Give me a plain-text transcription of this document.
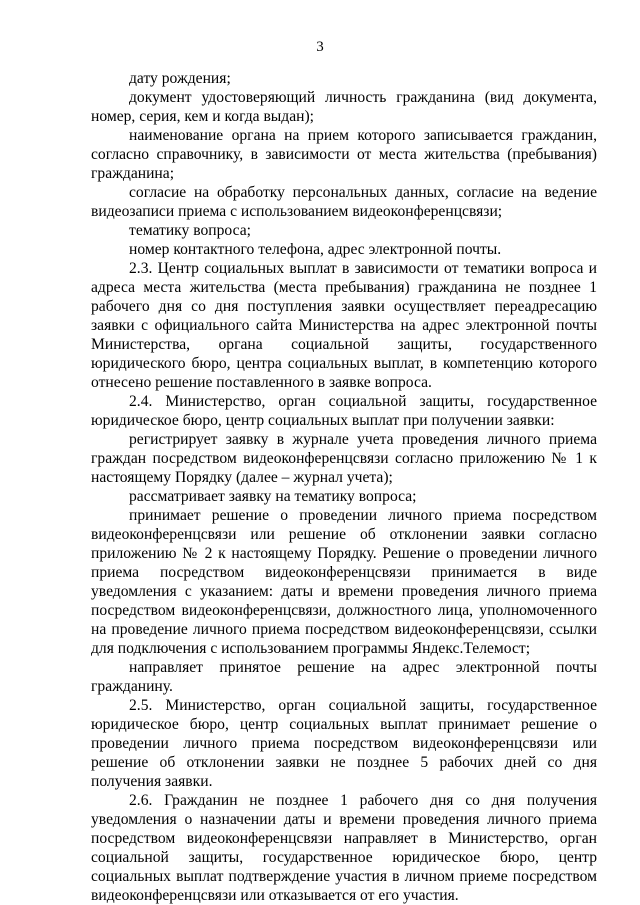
3

дату рождения;

документ удостоверяющий личность гражданина (вид документа, номер, серия, кем и когда выдан);

наименование органа на прием которого записывается гражданин, согласно справочнику, в зависимости от места жительства (пребывания) гражданина;

согласие на обработку персональных данных, согласие на ведение видеозаписи приема с использованием видеоконференцсвязи;

тематику вопроса;

номер контактного телефона, адрес электронной почты.

2.3. Центр социальных выплат в зависимости от тематики вопроса и адреса места жительства (места пребывания) гражданина не позднее 1 рабочего дня со дня поступления заявки осуществляет переадресацию заявки с официального сайта Министерства на адрес электронной почты Министерства, органа социальной защиты, государственного юридического бюро, центра социальных выплат, в компетенцию которого отнесено решение поставленного в заявке вопроса.

2.4. Министерство, орган социальной защиты, государственное юридическое бюро, центр социальных выплат при получении заявки:

регистрирует заявку в журнале учета проведения личного приема граждан посредством видеоконференцсвязи согласно приложению № 1 к настоящему Порядку (далее – журнал учета);

рассматривает заявку на тематику вопроса;

принимает решение о проведении личного приема посредством видеоконференцсвязи или решение об отклонении заявки согласно приложению № 2 к настоящему Порядку. Решение о проведении личного приема посредством видеоконференцсвязи принимается в виде уведомления с указанием: даты и времени проведения личного приема посредством видеоконференцсвязи, должностного лица, уполномоченного на проведение личного приема посредством видеоконференцсвязи, ссылки для подключения с использованием программы Яндекс.Телемост;

направляет принятое решение на адрес электронной почты гражданину.

2.5. Министерство, орган социальной защиты, государственное юридическое бюро, центр социальных выплат принимает решение о проведении личного приема посредством видеоконференцсвязи или решение об отклонении заявки не позднее 5 рабочих дней со дня получения заявки.

2.6. Гражданин не позднее 1 рабочего дня со дня получения уведомления о назначении даты и времени проведения личного приема посредством видеоконференцсвязи направляет в Министерство, орган социальной защиты, государственное юридическое бюро, центр социальных выплат подтверждение участия в личном приеме посредством видеоконференцсвязи или отказывается от его участия.
